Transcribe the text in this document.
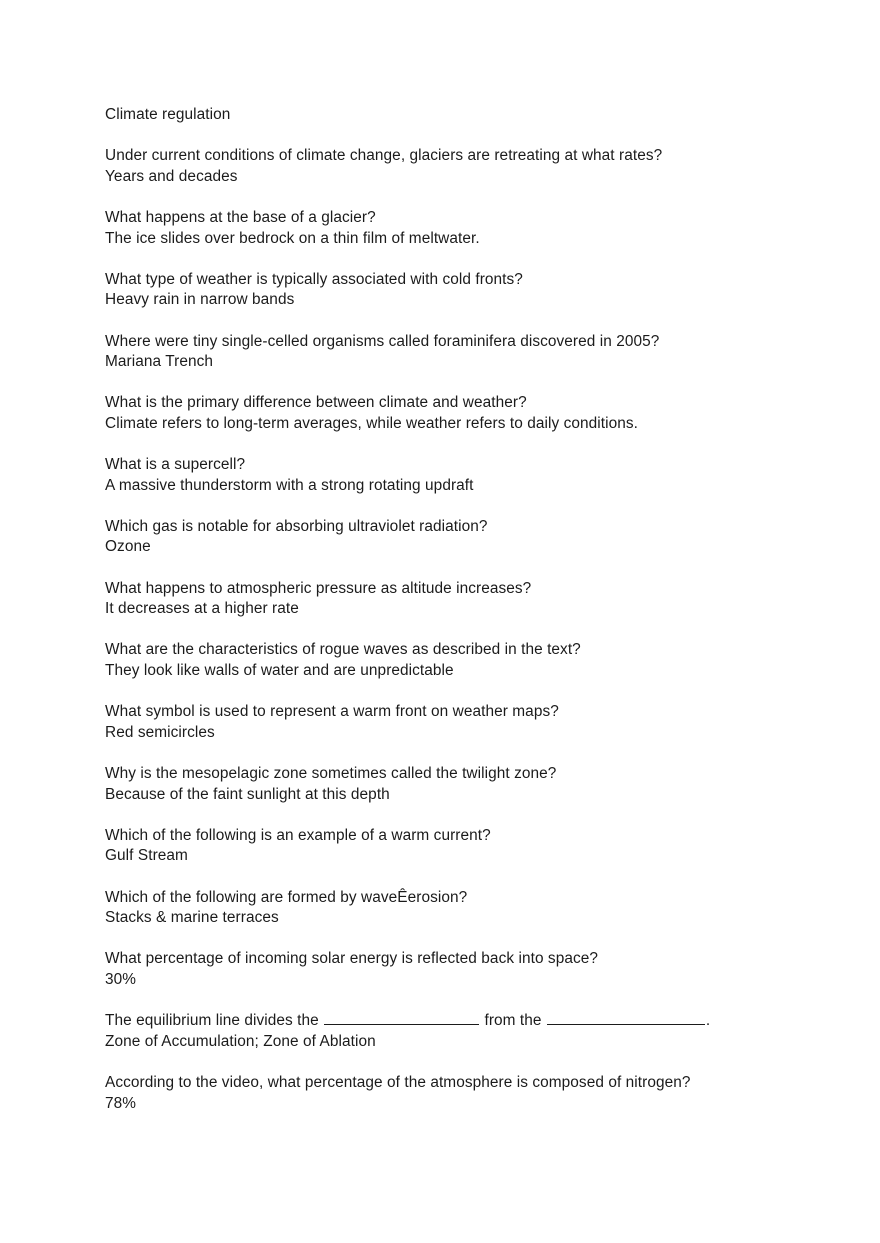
Climate regulation
Under current conditions of climate change, glaciers are retreating at what rates?
Years and decades
What happens at the base of a glacier?
The ice slides over bedrock on a thin film of meltwater.
What type of weather is typically associated with cold fronts?
Heavy rain in narrow bands
Where were tiny single-celled organisms called foraminifera discovered in 2005?
Mariana Trench
What is the primary difference between climate and weather?
Climate refers to long-term averages, while weather refers to daily conditions.
What is a supercell?
A massive thunderstorm with a strong rotating updraft
Which gas is notable for absorbing ultraviolet radiation?
Ozone
What happens to atmospheric pressure as altitude increases?
It decreases at a higher rate
What are the characteristics of rogue waves as described in the text?
They look like walls of water and are unpredictable
What symbol is used to represent a warm front on weather maps?
Red semicircles
Why is the mesopelagic zone sometimes called the twilight zone?
Because of the faint sunlight at this depth
Which of the following is an example of a warm current?
Gulf Stream
Which of the following are formed by waveÊerosion?
Stacks & marine terraces
What percentage of incoming solar energy is reflected back into space?
30%
The equilibrium line divides the	from the	.
Zone of Accumulation; Zone of Ablation
According to the video, what percentage of the atmosphere is composed of nitrogen?
78%
